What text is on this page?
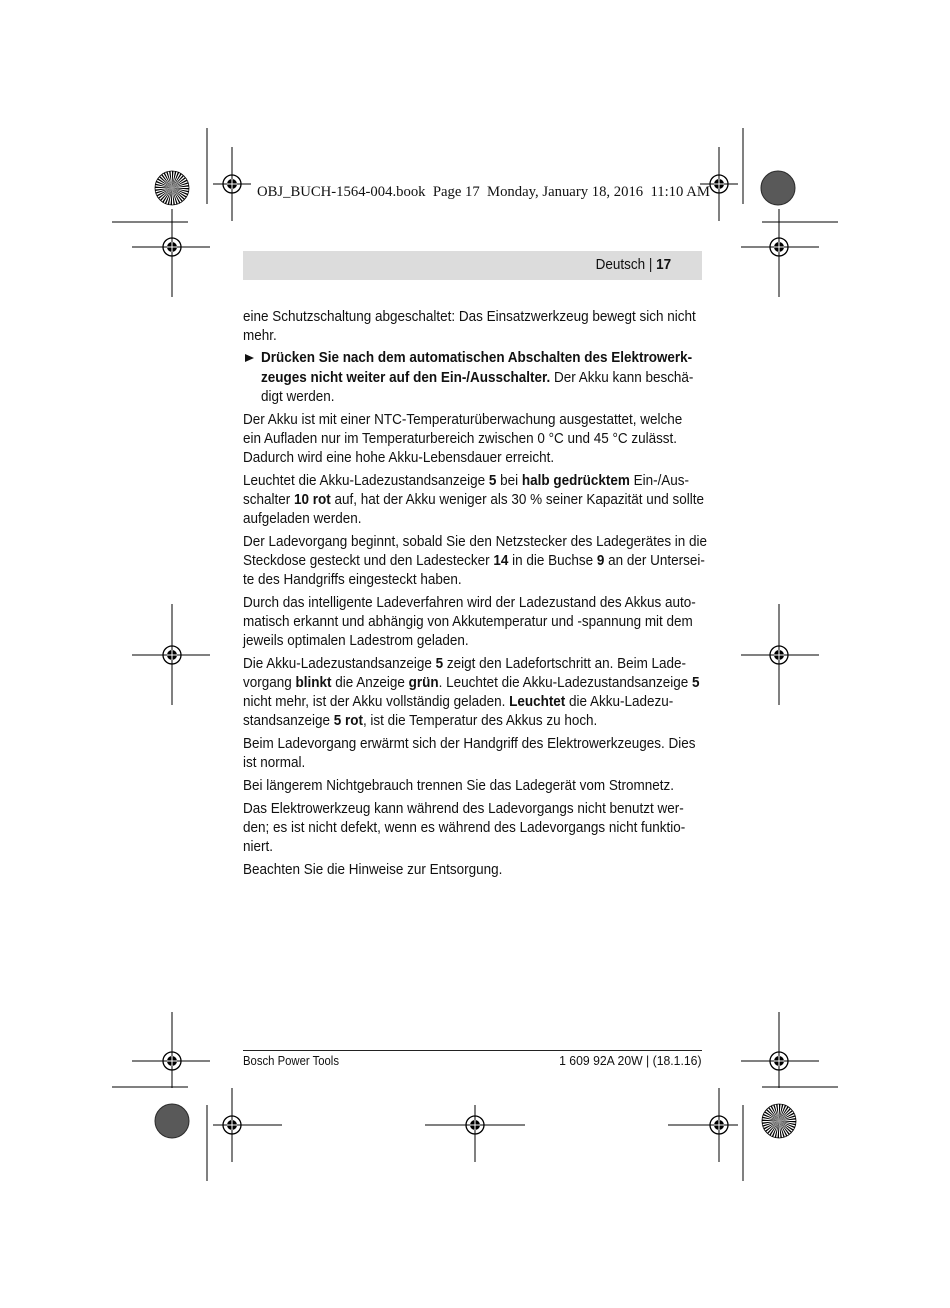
OBJ_BUCH-1564-004.book Page 17 Monday, January 18, 2016 11:10 AM
Deutsch | 17
eine Schutzschaltung abgeschaltet: Das Einsatzwerkzeug bewegt sich nicht
mehr.
Drücken Sie nach dem automatischen Abschalten des Elektrowerk-
zeuges nicht weiter auf den Ein-/Ausschalter. Der Akku kann beschä-
digt werden.
Der Akku ist mit einer NTC-Temperaturüberwachung ausgestattet, welche
ein Aufladen nur im Temperaturbereich zwischen 0 °C und 45 °C zulässt.
Dadurch wird eine hohe Akku-Lebensdauer erreicht.
Leuchtet die Akku-Ladezustandsanzeige 5 bei halb gedrücktem Ein-/Aus-
schalter 10 rot auf, hat der Akku weniger als 30 % seiner Kapazität und sollte
aufgeladen werden.
Der Ladevorgang beginnt, sobald Sie den Netzstecker des Ladegerätes in die
Steckdose gesteckt und den Ladestecker 14 in die Buchse 9 an der Untersei-
te des Handgriffs eingesteckt haben.
Durch das intelligente Ladeverfahren wird der Ladezustand des Akkus auto-
matisch erkannt und abhängig von Akkutemperatur und -spannung mit dem
jeweils optimalen Ladestrom geladen.
Die Akku-Ladezustandsanzeige 5 zeigt den Ladefortschritt an. Beim Lade-
vorgang blinkt die Anzeige grün. Leuchtet die Akku-Ladezustandsanzeige 5
nicht mehr, ist der Akku vollständig geladen. Leuchtet die Akku-Ladezu-
standsanzeige 5 rot, ist die Temperatur des Akkus zu hoch.
Beim Ladevorgang erwärmt sich der Handgriff des Elektrowerkzeuges. Dies
ist normal.
Bei längerem Nichtgebrauch trennen Sie das Ladegerät vom Stromnetz.
Das Elektrowerkzeug kann während des Ladevorgangs nicht benutzt wer-
den; es ist nicht defekt, wenn es während des Ladevorgangs nicht funktio-
niert.
Beachten Sie die Hinweise zur Entsorgung.
Bosch Power Tools	1 609 92A 20W | (18.1.16)
